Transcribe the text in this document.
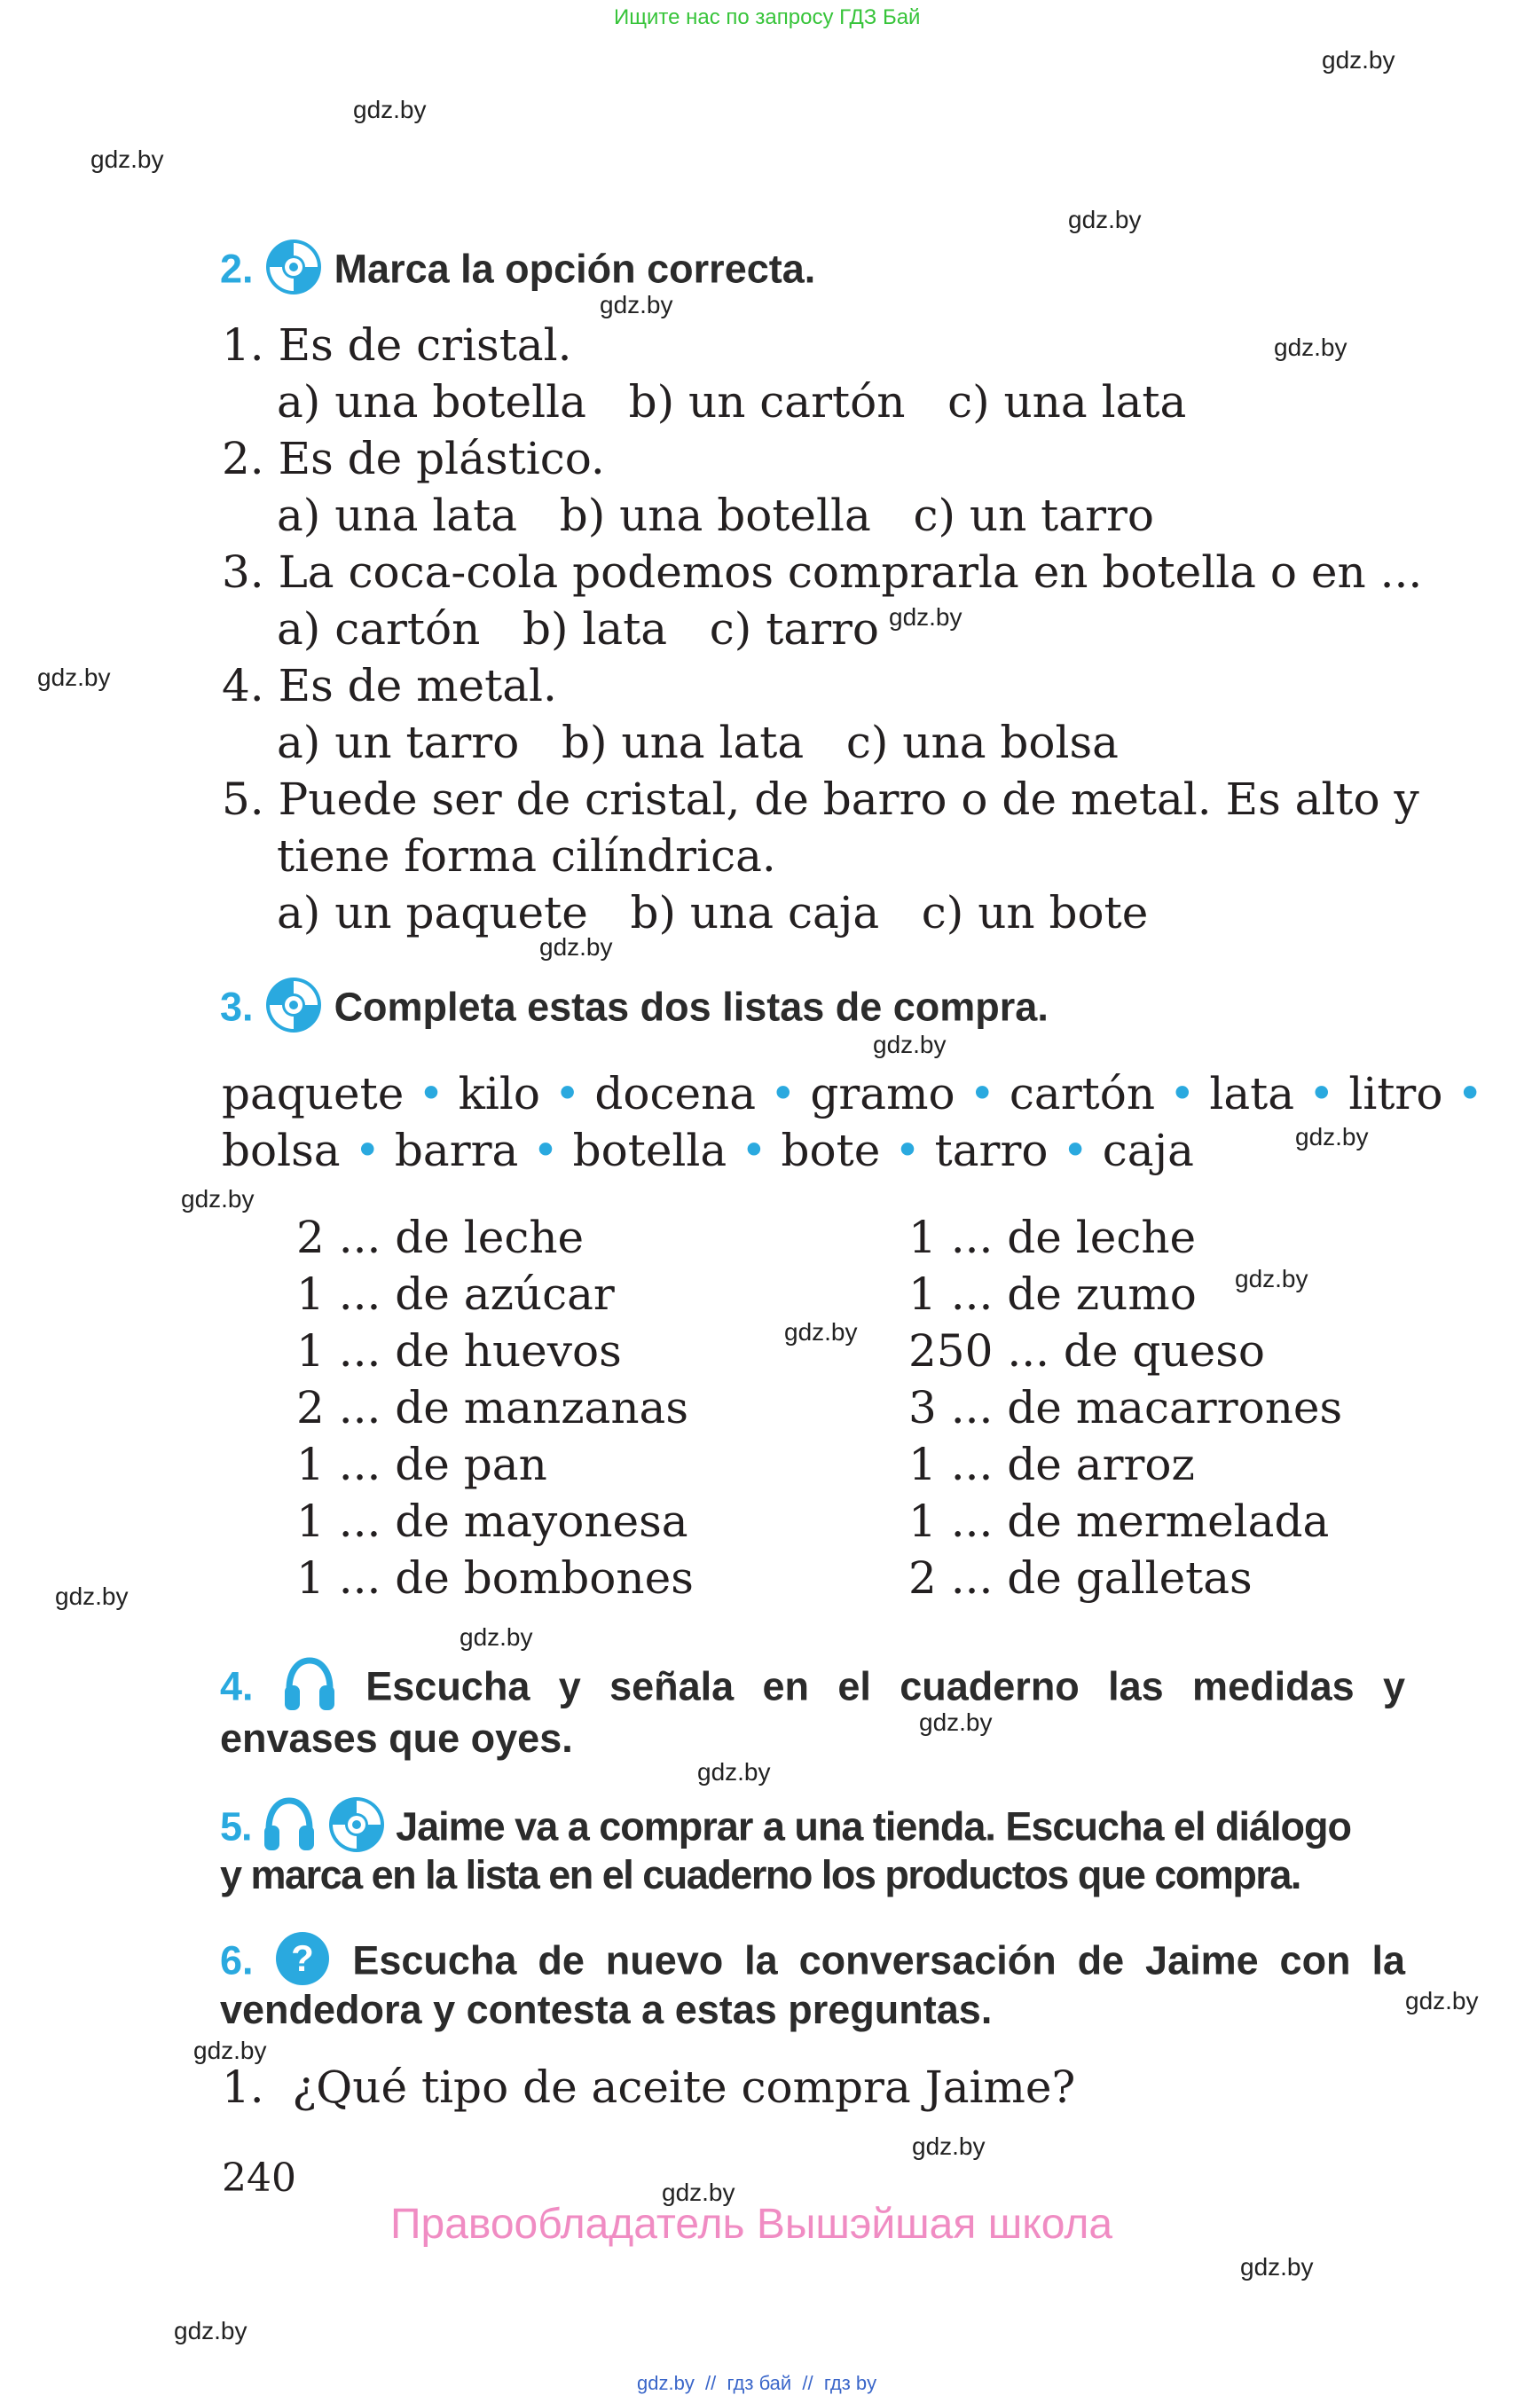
Ищите нас по запросу ГДЗ Бай
gdz.by
gdz.by
gdz.by
gdz.by
gdz.by
gdz.by
gdz.by
gdz.by
gdz.by
gdz.by
gdz.by
gdz.by
gdz.by
gdz.by
gdz.by
gdz.by
gdz.by
gdz.by
gdz.by
gdz.by
gdz.by
gdz.by
gdz.by
gdz.by
2. Marca la opción correcta.
1. Es de cristal.
a) una botella   b) un cartón   c) una lata
2. Es de plástico.
a) una lata   b) una botella   c) un tarro
3. La coca-cola podemos comprarla en botella o en ...
a) cartón   b) lata   c) tarro
4. Es de metal.
a) un tarro   b) una lata   c) una bolsa
5. Puede ser de cristal, de barro o de metal. Es alto y
tiene forma cilíndrica.
a) un paquete   b) una caja   c) un bote
3. Completa estas dos listas de compra.
paquete • kilo • docena • gramo • cartón • lata • litro •
bolsa • barra • botella • bote • tarro • caja
2 ... de leche
1 ... de azúcar
1 ... de huevos
2 ... de manzanas
1 ... de pan
1 ... de mayonesa
1 ... de bombones
1 ... de leche
1 ... de zumo
250 ... de queso
3 ... de macarrones
1 ... de arroz
1 ... de mermelada
2 ... de galletas
4.	Escucha y señala en el cuaderno las medidas y
envases que oyes.
5.	Jaime va a comprar a una tienda. Escucha el diálogo
y marca en la lista en el cuaderno los productos que compra.
6. ? Escucha de nuevo la conversación de Jaime con la
vendedora y contesta a estas preguntas.
1.  ¿Qué tipo de aceite compra Jaime?
240
Правообладатель Вышэйшая школа
gdz.by  //  гдз бай  //  гдз by
